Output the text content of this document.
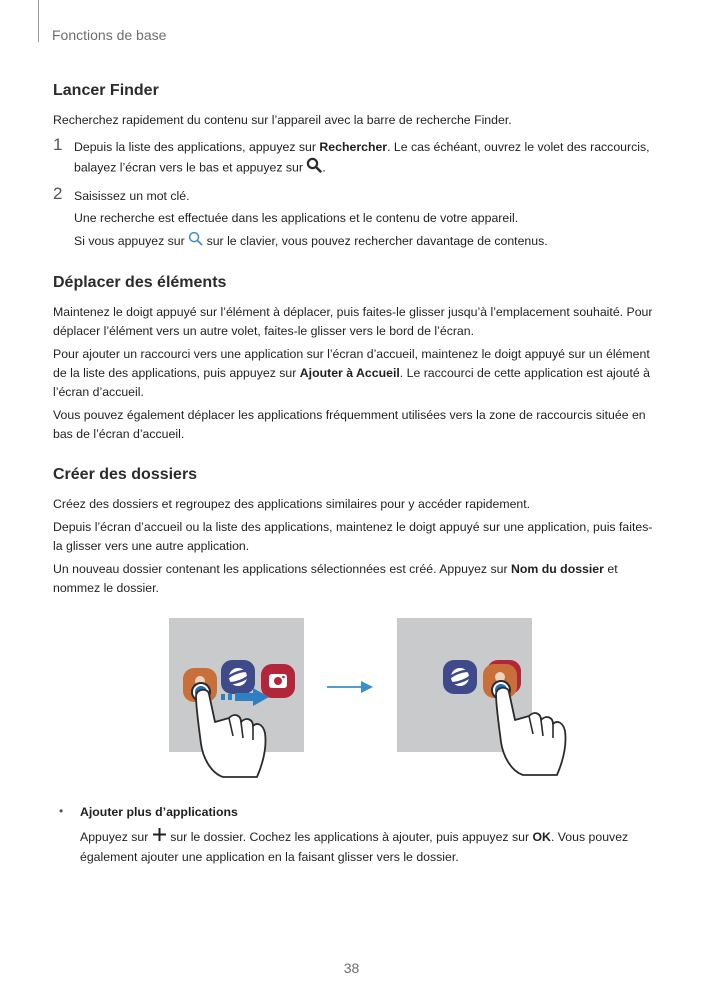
Fonctions de base
Lancer Finder

Recherchez rapidement du contenu sur l’appareil avec la barre de recherche Finder.

1 Depuis la liste des applications, appuyez sur Rechercher. Le cas échéant, ouvrez le volet des raccourcis, balayez l’écran vers le bas et appuyez sur .

2 Saisissez un mot clé.

Une recherche est effectuée dans les applications et le contenu de votre appareil.

Si vous appuyez sur  sur le clavier, vous pouvez rechercher davantage de contenus.

Déplacer des éléments

Maintenez le doigt appuyé sur l’élément à déplacer, puis faites-le glisser jusqu’à l’emplacement souhaité. Pour déplacer l’élément vers un autre volet, faites-le glisser vers le bord de l’écran.

Pour ajouter un raccourci vers une application sur l’écran d’accueil, maintenez le doigt appuyé sur un élément de la liste des applications, puis appuyez sur Ajouter à Accueil. Le raccourci de cette application est ajouté à l’écran d’accueil.

Vous pouvez également déplacer les applications fréquemment utilisées vers la zone de raccourcis située en bas de l’écran d’accueil.

Créer des dossiers

Créez des dossiers et regroupez des applications similaires pour y accéder rapidement.

Depuis l’écran d’accueil ou la liste des applications, maintenez le doigt appuyé sur une application, puis faites-la glisser vers une autre application.

Un nouveau dossier contenant les applications sélectionnées est créé. Appuyez sur Nom du dossier et nommez le dossier.

• Ajouter plus d’applications

Appuyez sur  sur le dossier. Cochez les applications à ajouter, puis appuyez sur OK. Vous pouvez également ajouter une application en la faisant glisser vers le dossier.

38
